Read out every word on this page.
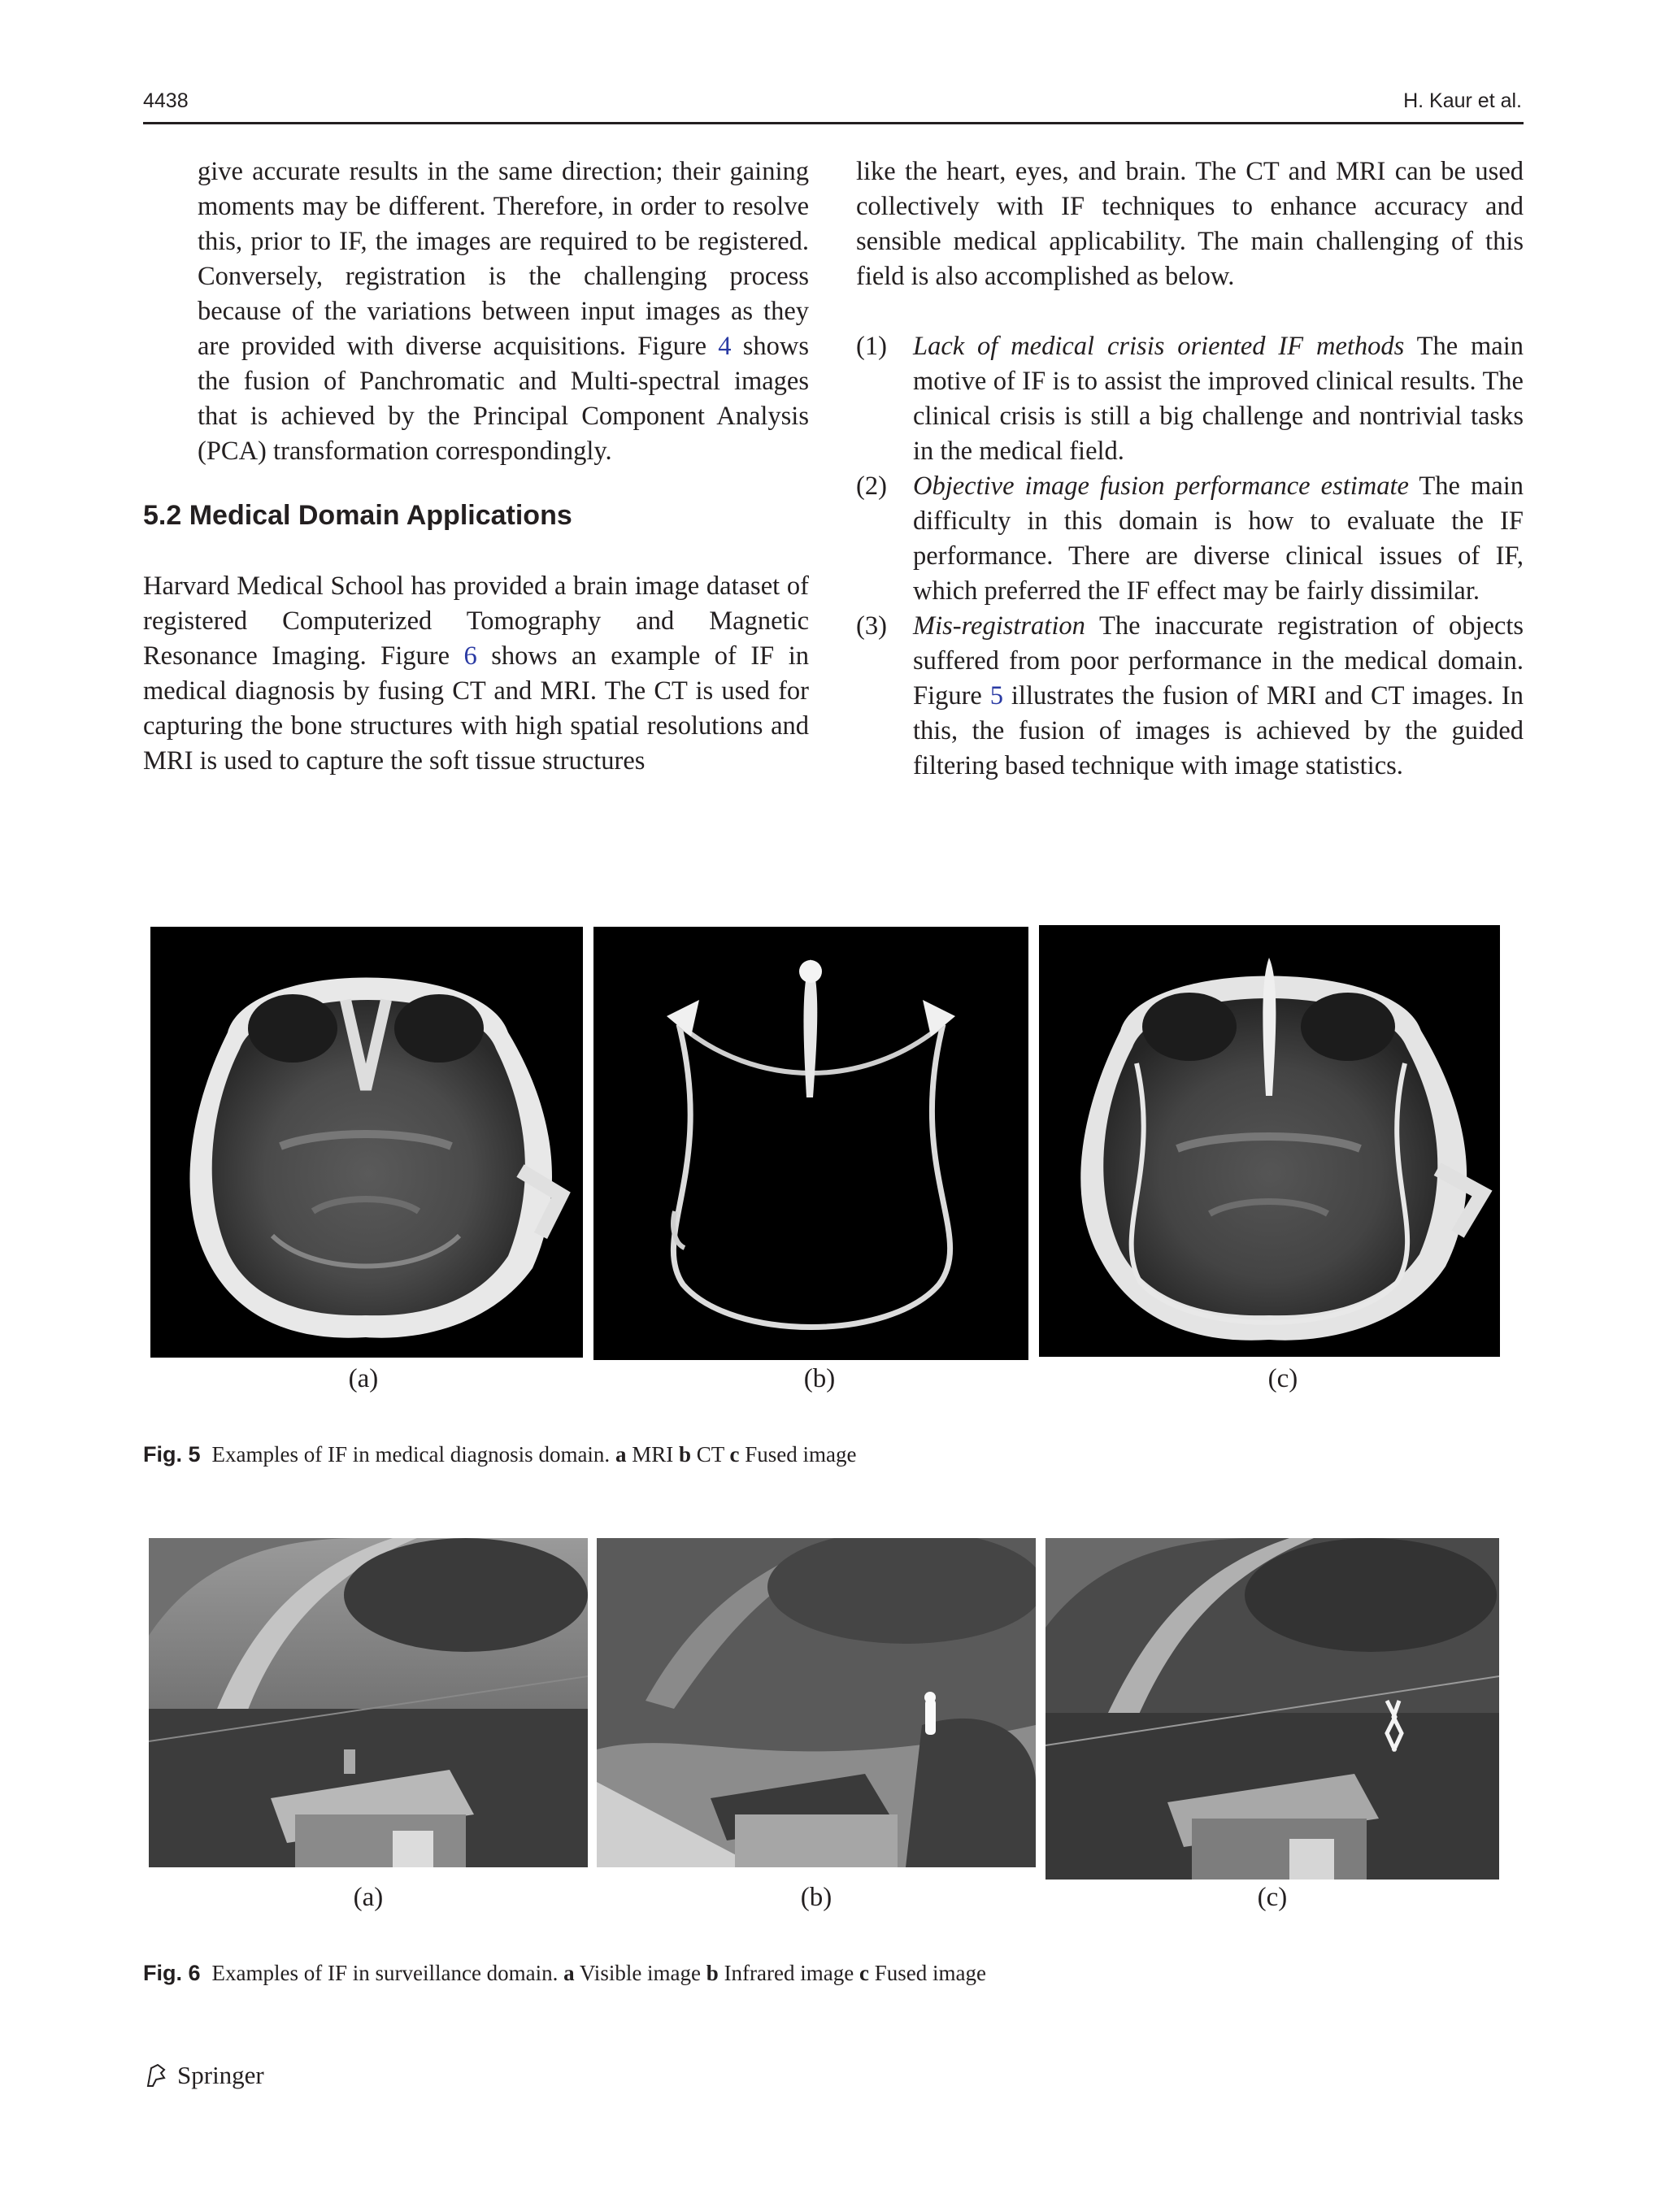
4438	H. Kaur et al.

give accurate results in the same direction; their gaining moments may be different. Therefore, in order to resolve this, prior to IF, the images are required to be registered. Conversely, registration is the challenging process because of the variations between input images as they are provided with diverse acquisitions. Figure 4 shows the fusion of Panchromatic and Multi-spectral images that is achieved by the Principal Component Analysis (PCA) transformation correspondingly.

5.2 Medical Domain Applications

Harvard Medical School has provided a brain image dataset of registered Computerized Tomography and Magnetic Resonance Imaging. Figure 6 shows an example of IF in medical diagnosis by fusing CT and MRI. The CT is used for capturing the bone structures with high spatial resolutions and MRI is used to capture the soft tissue structures

like the heart, eyes, and brain. The CT and MRI can be used collectively with IF techniques to enhance accuracy and sensible medical applicability. The main challenging of this field is also accomplished as below.

(1) Lack of medical crisis oriented IF methods The main motive of IF is to assist the improved clinical results. The clinical crisis is still a big challenge and nontrivial tasks in the medical field.
(2) Objective image fusion performance estimate The main difficulty in this domain is how to evaluate the IF performance. There are diverse clinical issues of IF, which preferred the IF effect may be fairly dissimilar.
(3) Mis-registration The inaccurate registration of objects suffered from poor performance in the medical domain. Figure 5 illustrates the fusion of MRI and CT images. In this, the fusion of images is achieved by the guided filtering based technique with image statistics.
(a)	(b)	(c)
Fig. 5 Examples of IF in medical diagnosis domain. a MRI b CT c Fused image
(a)	(b)	(c)
Fig. 6 Examples of IF in surveillance domain. a Visible image b Infrared image c Fused image
Springer
